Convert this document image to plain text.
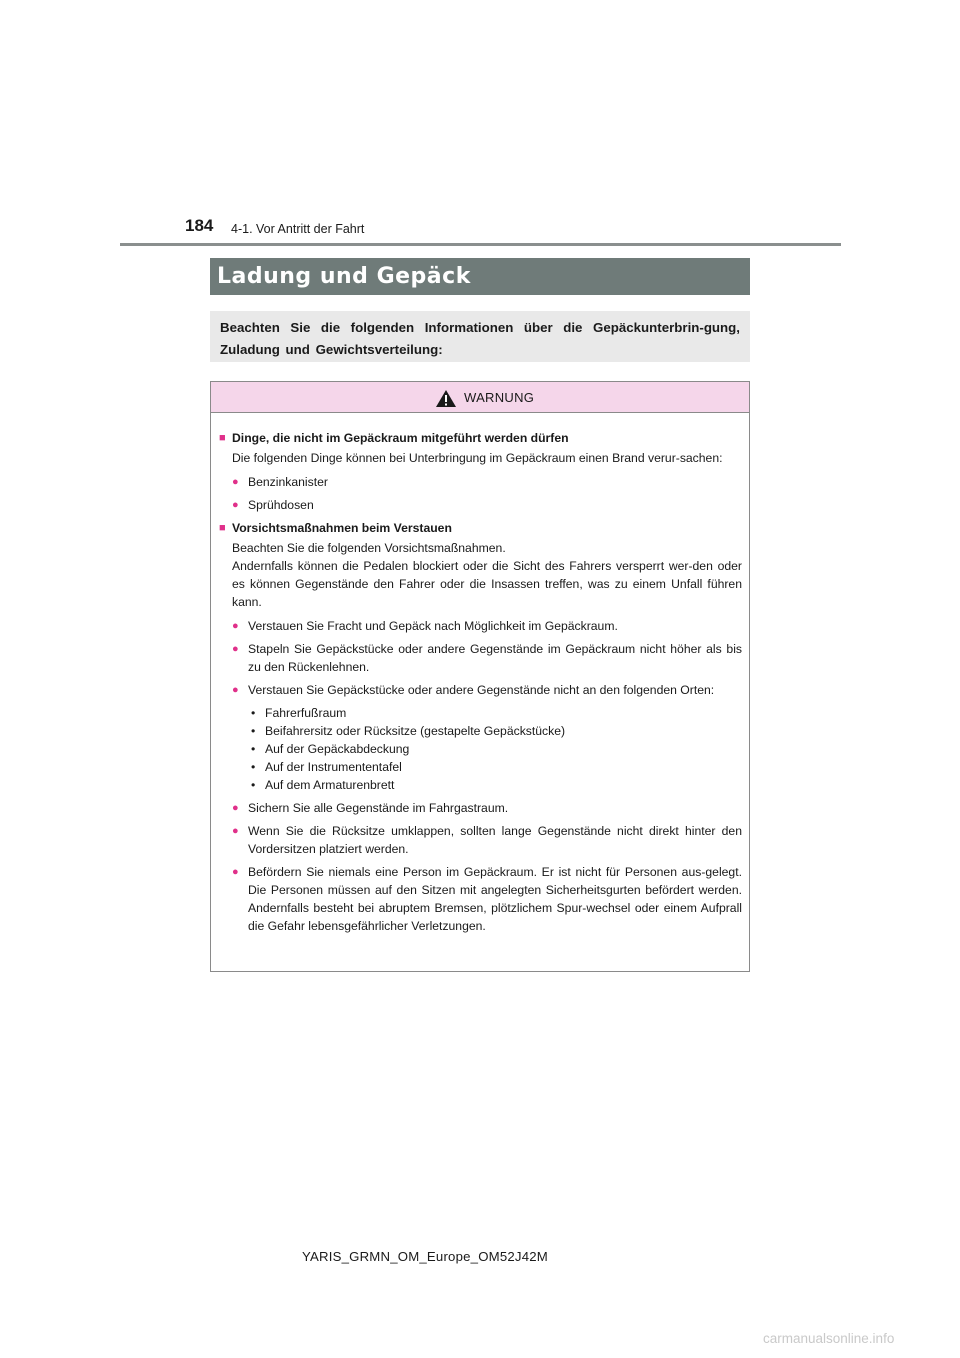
184 4-1. Vor Antritt der Fahrt
Ladung und Gepäck
Beachten Sie die folgenden Informationen über die Gepäckunterbrin-gung, Zuladung und Gewichtsverteilung:
WARNUNG
■ Dinge, die nicht im Gepäckraum mitgeführt werden dürfen
Die folgenden Dinge können bei Unterbringung im Gepäckraum einen Brand verur-sachen:
● Benzinkanister
● Sprühdosen
■ Vorsichtsmaßnahmen beim Verstauen
Beachten Sie die folgenden Vorsichtsmaßnahmen.
Andernfalls können die Pedalen blockiert oder die Sicht des Fahrers versperrt wer-den oder es können Gegenstände den Fahrer oder die Insassen treffen, was zu einem Unfall führen kann.
● Verstauen Sie Fracht und Gepäck nach Möglichkeit im Gepäckraum.
● Stapeln Sie Gepäckstücke oder andere Gegenstände im Gepäckraum nicht höher als bis zu den Rückenlehnen.
● Verstauen Sie Gepäckstücke oder andere Gegenstände nicht an den folgenden Orten:
• Fahrerfußraum
• Beifahrersitz oder Rücksitze (gestapelte Gepäckstücke)
• Auf der Gepäckabdeckung
• Auf der Instrumententafel
• Auf dem Armaturenbrett
● Sichern Sie alle Gegenstände im Fahrgastraum.
● Wenn Sie die Rücksitze umklappen, sollten lange Gegenstände nicht direkt hinter den Vordersitzen platziert werden.
● Befördern Sie niemals eine Person im Gepäckraum. Er ist nicht für Personen aus-gelegt. Die Personen müssen auf den Sitzen mit angelegten Sicherheitsgurten befördert werden. Andernfalls besteht bei abruptem Bremsen, plötzlichem Spur-wechsel oder einem Aufprall die Gefahr lebensgefährlicher Verletzungen.
YARIS_GRMN_OM_Europe_OM52J42M
carmanualsonline.info
